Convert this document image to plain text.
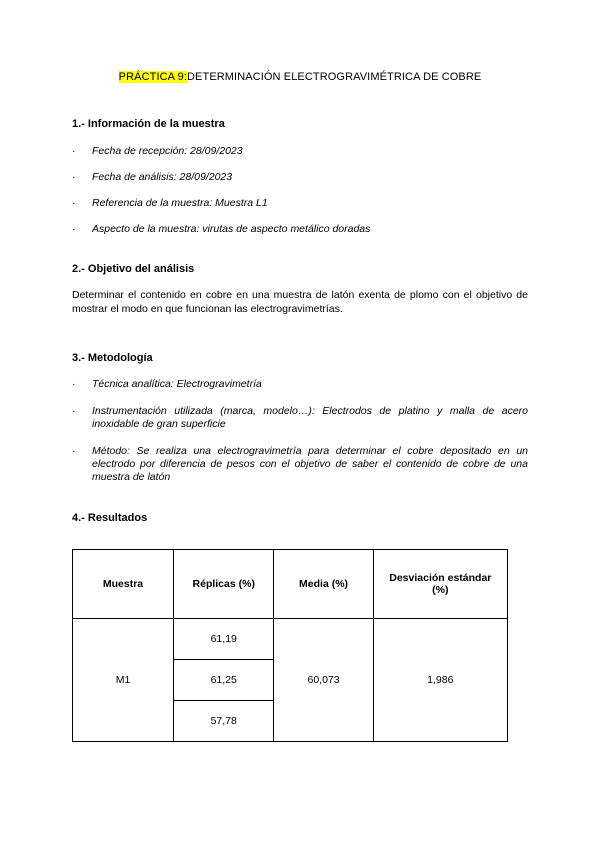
PRÁCTICA 9:DETERMINACIÓN ELECTROGRAVIMÉTRICA DE COBRE
1.- Información de la muestra
·	Fecha de recepción: 28/09/2023
·	Fecha de análisis: 28/09/2023
·	Referencia de la muestra: Muestra L1
·	Aspecto de la muestra: virutas de aspecto metálico doradas
2.- Objetivo del análisis
Determinar el contenido en cobre en una muestra de latón exenta de plomo con el objetivo de mostrar el modo en que funcionan las electrogravimetrías.
3.- Metodología
·	Técnica analítica: Electrogravimetría
·	Instrumentación utilizada (marca, modelo…): Electrodos de platino y malla de acero inoxidable de gran superficie
·	Método: Se realiza una electrogravimetría para determinar el cobre depositado en un electrodo por diferencia de pesos con el objetivo de saber el contenido de cobre de una muestra de latón
4.- Resultados
Muestra	Réplicas (%)	Media (%)	Desviación estándar (%)
M1	61,19	60,073	1,986
	61,25		
	57,78		
